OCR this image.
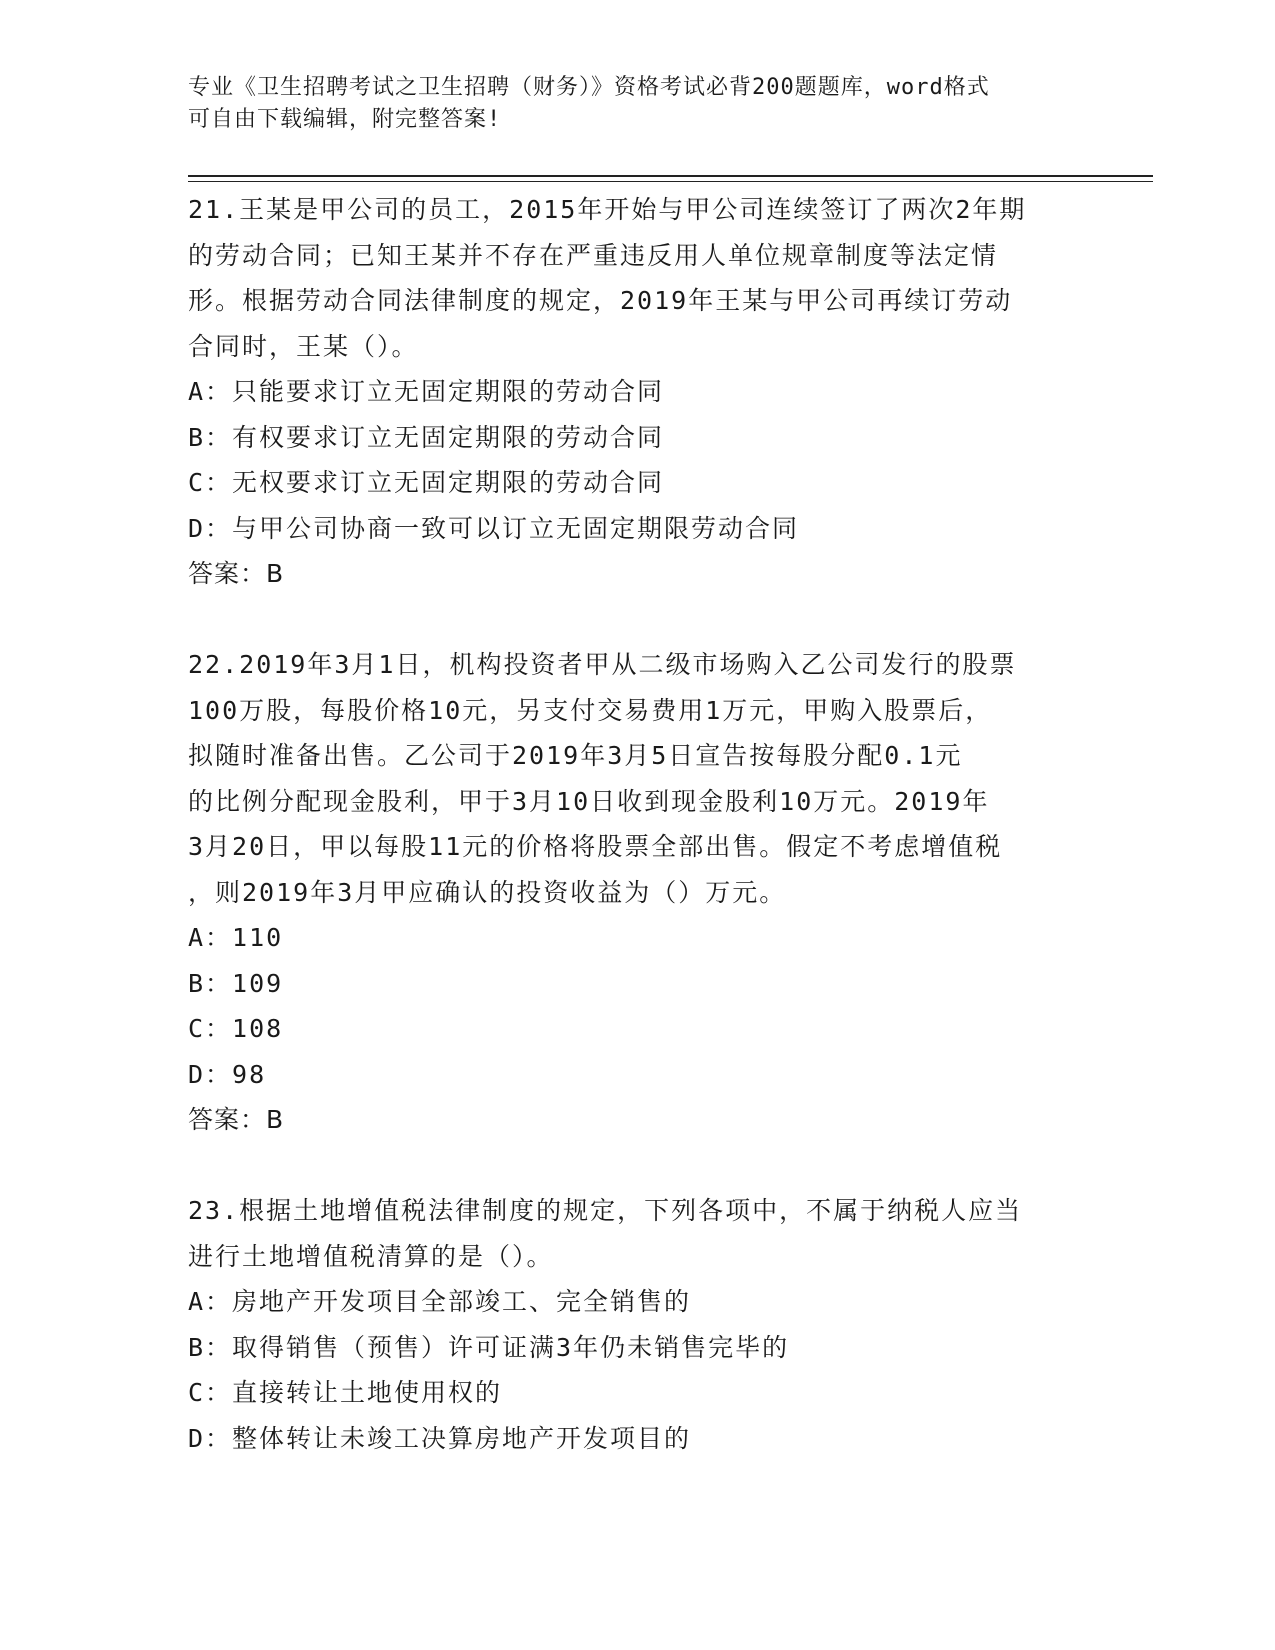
专业《卫生招聘考试之卫生招聘（财务）》资格考试必背200题题库，word格式

可自由下载编辑，附完整答案!

21.王某是甲公司的员工，2015年开始与甲公司连续签订了两次2年期

的劳动合同；已知王某并不存在严重违反用人单位规章制度等法定情

形。根据劳动合同法律制度的规定，2019年王某与甲公司再续订劳动

合同时，王某（）。

A：只能要求订立无固定期限的劳动合同

B：有权要求订立无固定期限的劳动合同

C：无权要求订立无固定期限的劳动合同

D：与甲公司协商一致可以订立无固定期限劳动合同

答案：B

22.2019年3月1日，机构投资者甲从二级市场购入乙公司发行的股票

100万股，每股价格10元，另支付交易费用1万元，甲购入股票后，

拟随时准备出售。乙公司于2019年3月5日宣告按每股分配0.1元

的比例分配现金股利，甲于3月10日收到现金股利10万元。2019年

3月20日，甲以每股11元的价格将股票全部出售。假定不考虑增值税

，则2019年3月甲应确认的投资收益为（）万元。

A：110

B：109

C：108

D：98

答案：B

23.根据土地增值税法律制度的规定，下列各项中，不属于纳税人应当

进行土地增值税清算的是（）。

A：房地产开发项目全部竣工、完全销售的

B：取得销售（预售）许可证满3年仍未销售完毕的

C：直接转让土地使用权的

D：整体转让未竣工决算房地产开发项目的
